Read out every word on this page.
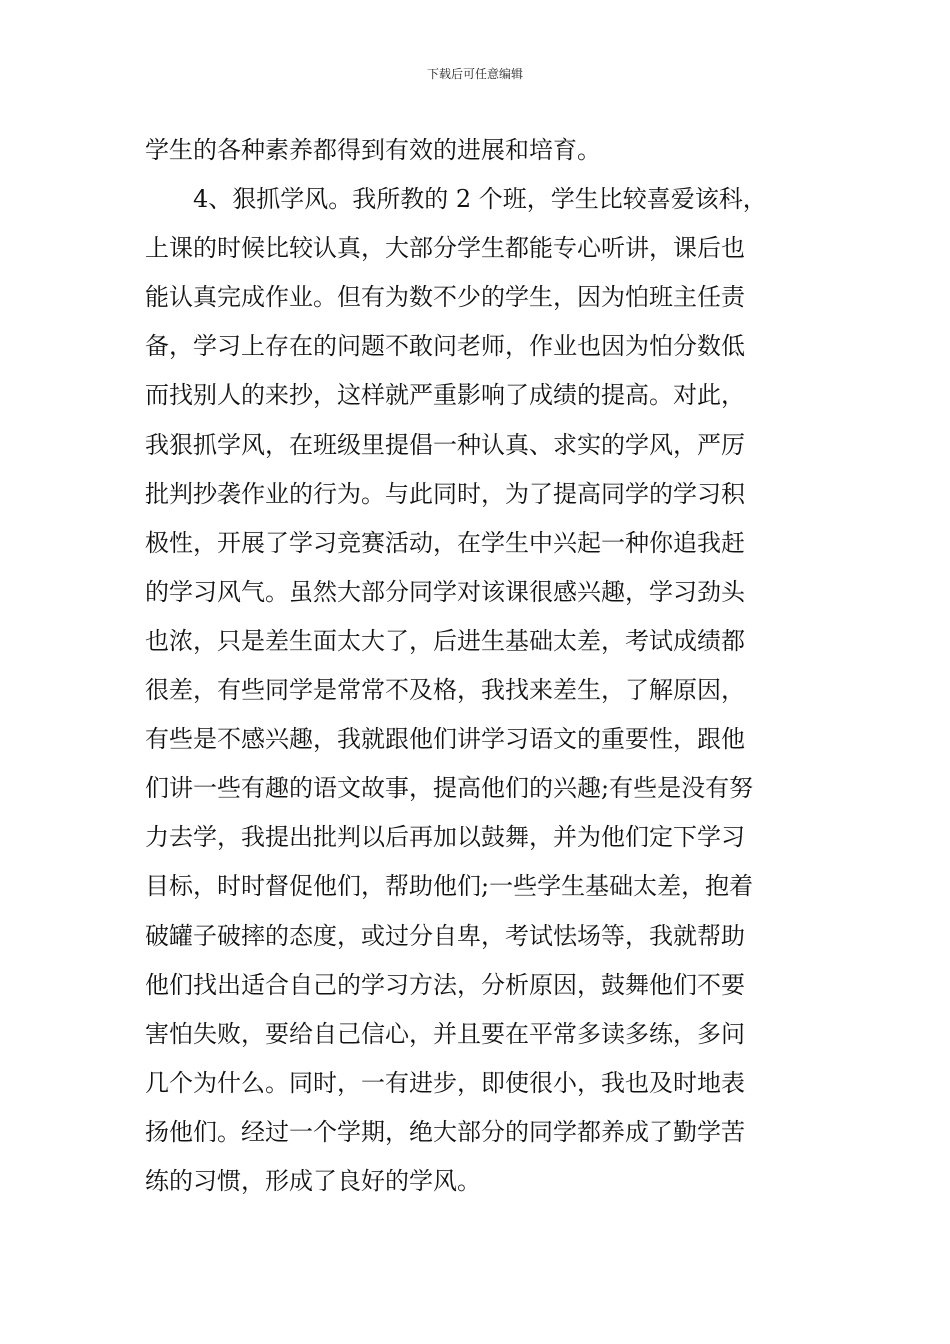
下载后可任意编辑
学生的各种素养都得到有效的进展和培育。
　　4、狠抓学风。我所教的 2 个班，学生比较喜爱该科，
上课的时候比较认真，大部分学生都能专心听讲，课后也
能认真完成作业。但有为数不少的学生，因为怕班主任责
备，学习上存在的问题不敢问老师，作业也因为怕分数低
而找别人的来抄，这样就严重影响了成绩的提高。对此，
我狠抓学风，在班级里提倡一种认真、求实的学风，严厉
批判抄袭作业的行为。与此同时，为了提高同学的学习积
极性，开展了学习竞赛活动，在学生中兴起一种你追我赶
的学习风气。虽然大部分同学对该课很感兴趣，学习劲头
也浓，只是差生面太大了，后进生基础太差，考试成绩都
很差，有些同学是常常不及格，我找来差生，了解原因，
有些是不感兴趣，我就跟他们讲学习语文的重要性，跟他
们讲一些有趣的语文故事，提高他们的兴趣;有些是没有努
力去学，我提出批判以后再加以鼓舞，并为他们定下学习
目标，时时督促他们，帮助他们;一些学生基础太差，抱着
破罐子破摔的态度，或过分自卑，考试怯场等，我就帮助
他们找出适合自己的学习方法，分析原因，鼓舞他们不要
害怕失败，要给自己信心，并且要在平常多读多练，多问
几个为什么。同时，一有进步，即使很小，我也及时地表
扬他们。经过一个学期，绝大部分的同学都养成了勤学苦
练的习惯，形成了良好的学风。
